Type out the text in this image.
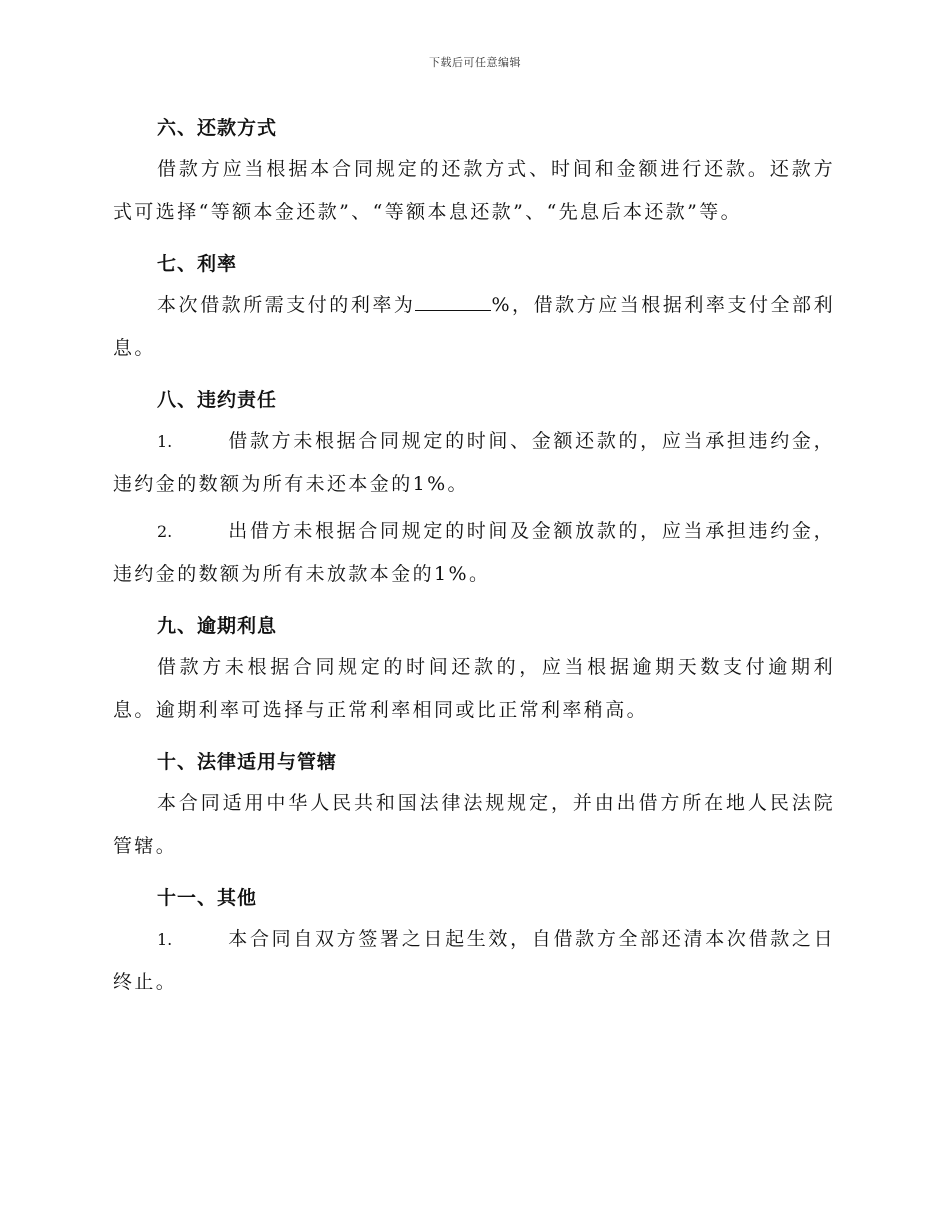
下载后可任意编辑
六、还款方式

借款方应当根据本合同规定的还款方式、时间和金额进行还款。还款方式可选择“等额本金还款”、“等额本息还款”、“先息后本还款”等。

七、利率

本次借款所需支付的利率为	%，借款方应当根据利率支付全部利息。

八、违约责任

1.	借款方未根据合同规定的时间、金额还款的，应当承担违约金，违约金的数额为所有未还本金的1%。

2.	出借方未根据合同规定的时间及金额放款的，应当承担违约金，违约金的数额为所有未放款本金的1%。

九、逾期利息

借款方未根据合同规定的时间还款的，应当根据逾期天数支付逾期利息。逾期利率可选择与正常利率相同或比正常利率稍高。

十、法律适用与管辖

本合同适用中华人民共和国法律法规规定，并由出借方所在地人民法院管辖。

十一、其他

1.	本合同自双方签署之日起生效，自借款方全部还清本次借款之日终止。
